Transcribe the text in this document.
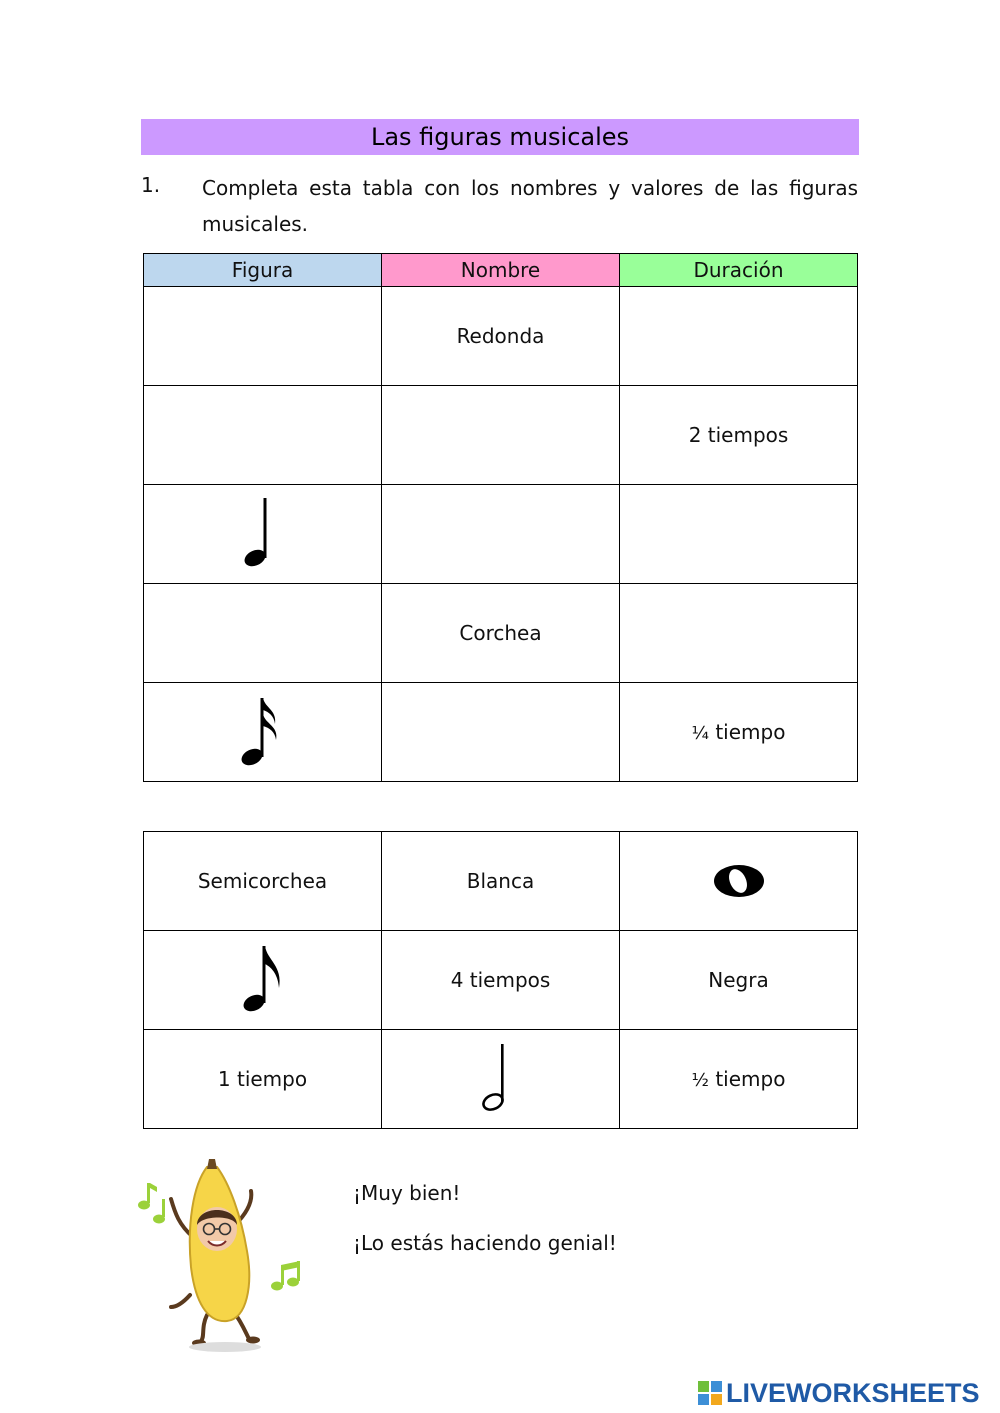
Las figuras musicales
1. Completa esta tabla con los nombres y valores de las figuras musicales.
Figura	Nombre	Duración
	Redonda	
		2 tiempos

	Corchea	

		¼ tiempo
Semicorchea	Blanca	

	4 tiempos	Negra
1 tiempo		½ tiempo
¡Muy bien!
¡Lo estás haciendo genial!
LIVEWORKSHEETS
